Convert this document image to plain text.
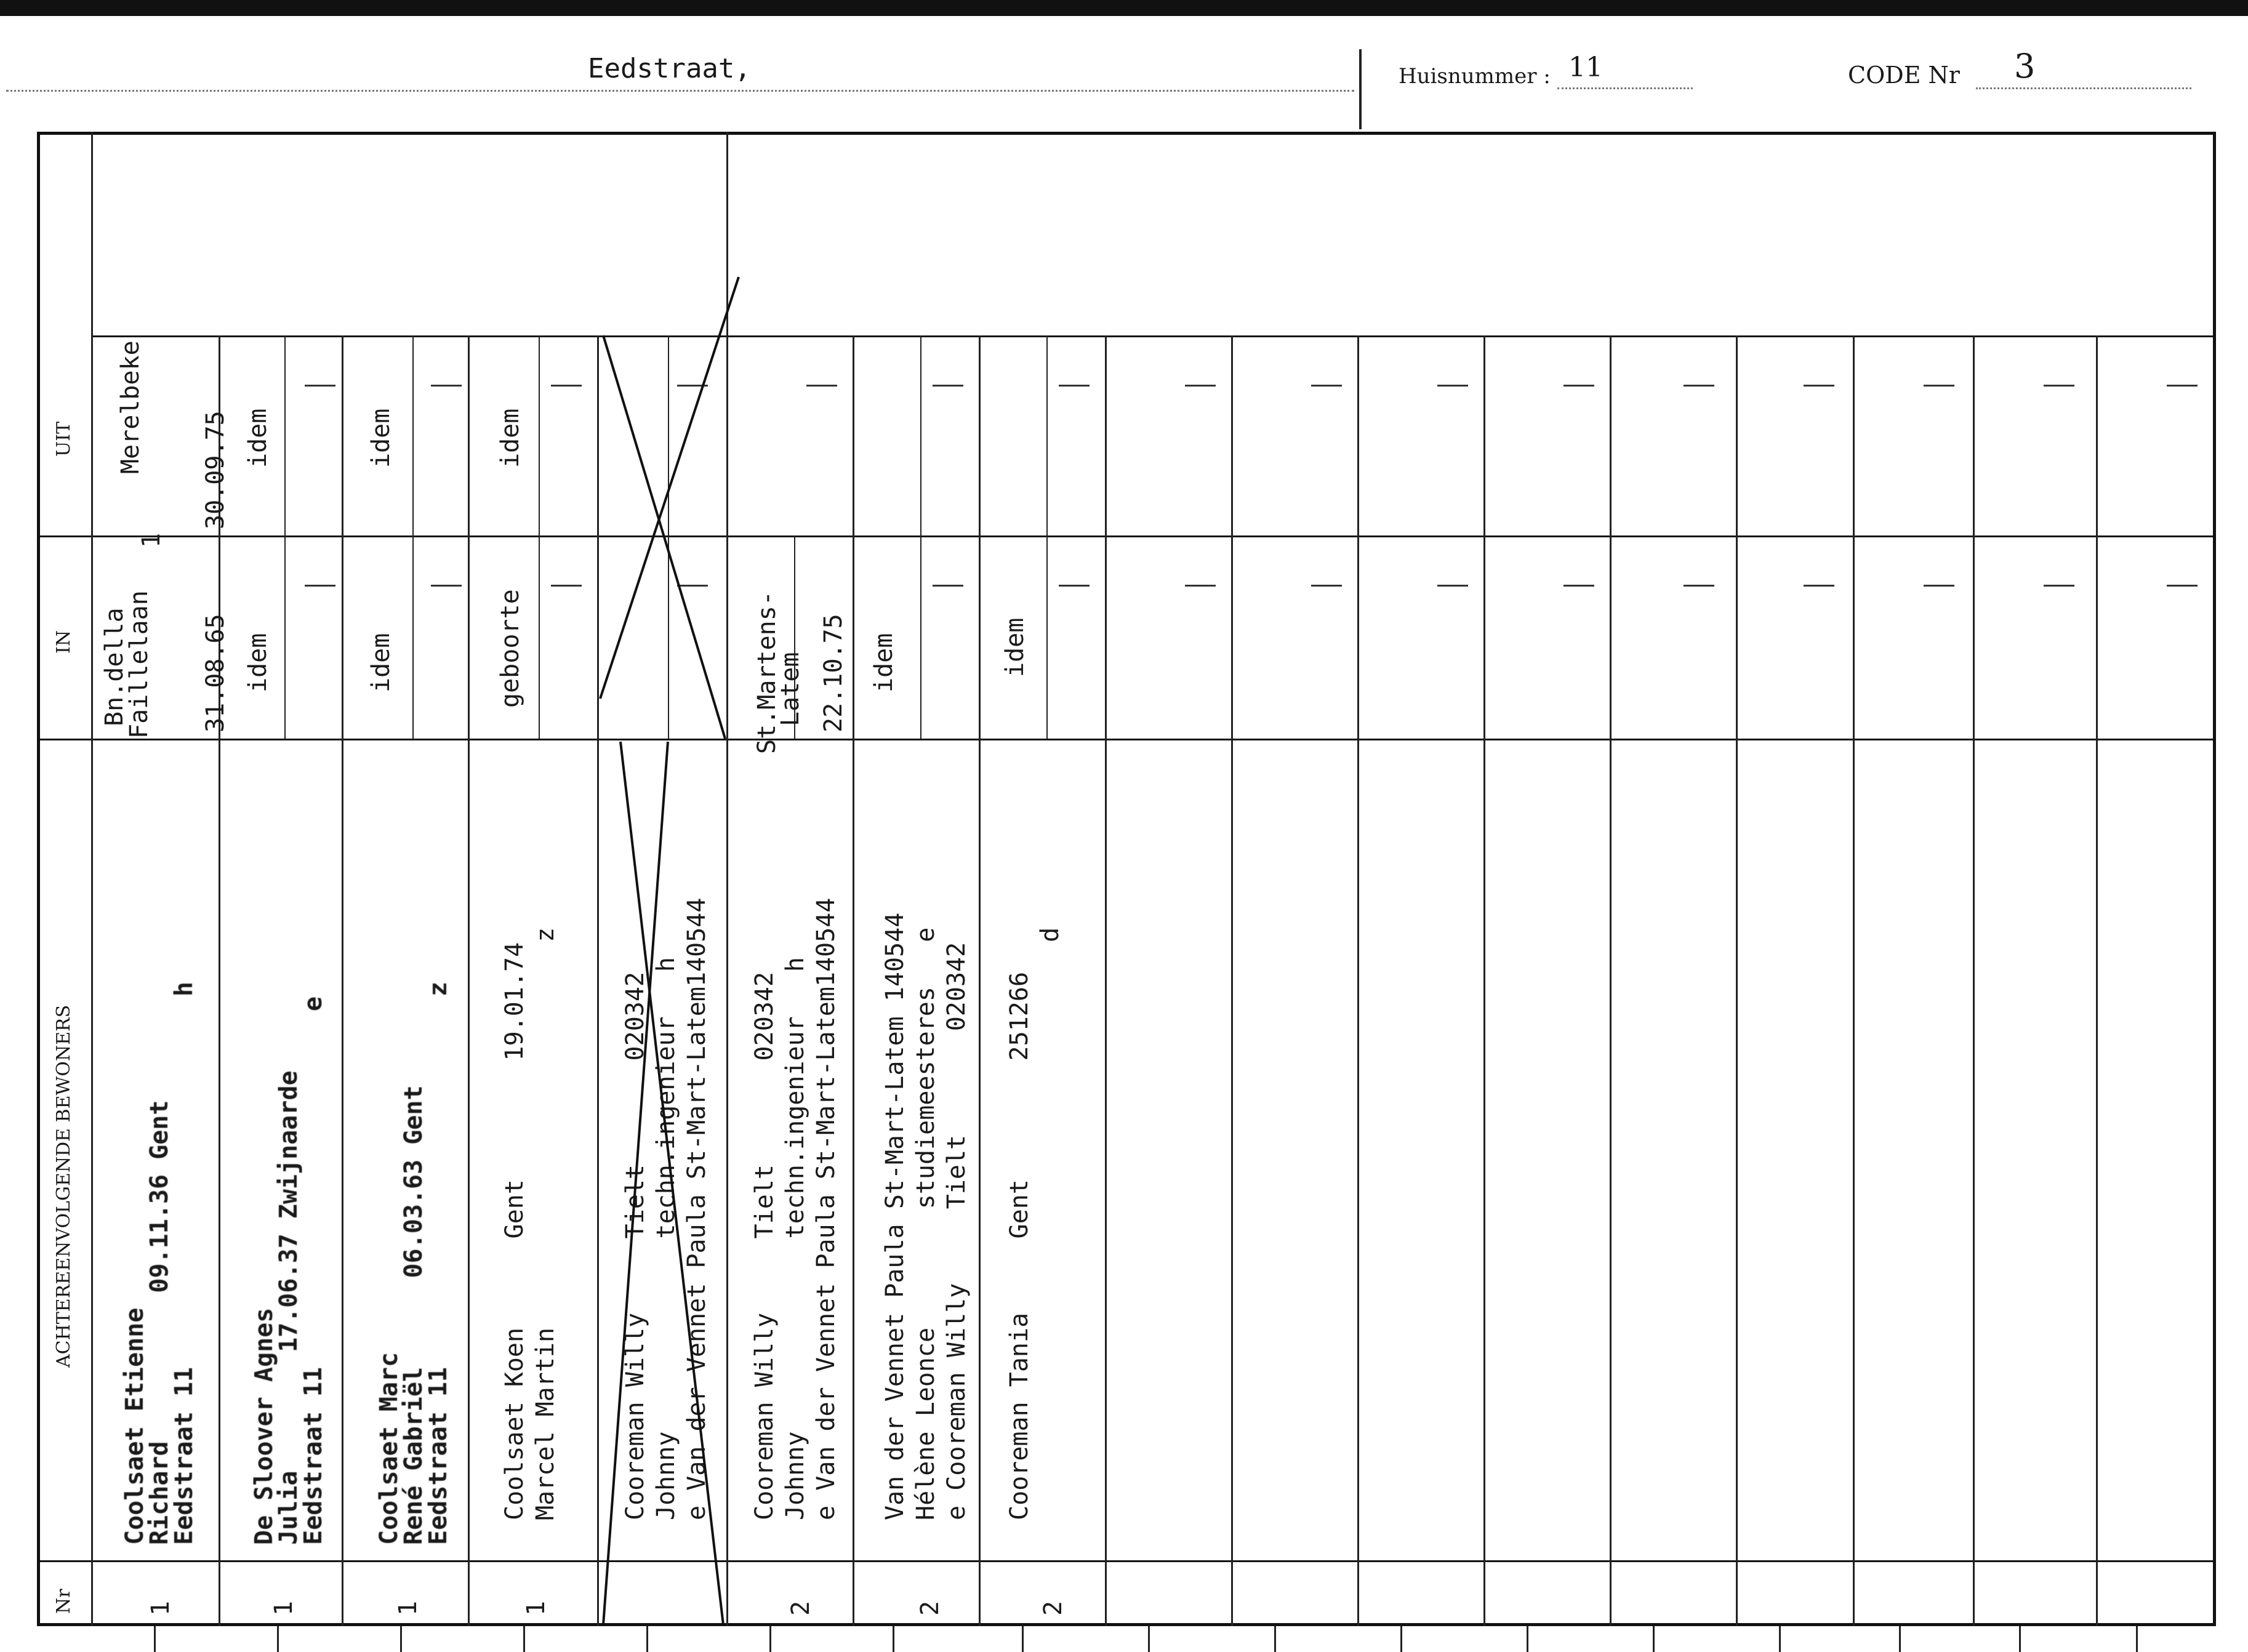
Eedstraat,	Huisnummer : 11	CODE Nr 3
UIT
IN
ACHTEREENVOLGENDE BEWONERS
Nr
Merelbeke
Bn.della
Faillelaan
1
30.09.75
31.08.65
Coolsaet Etienne
Richard          09.11.36 Gent
Eedstraat 11                         h
1
idem
idem
De Sloover Agnes
Julia        17.06.37 Zwijnaarde
Eedstraat 11                        e
1
idem
idem
Coolsaet Marc
René Gabriël      06.03.63 Gent
Eedstraat 11                         z
1
idem
geboorte
Coolsaet Koen      Gent        19.01.74 Marcel Martin                          z
1
Cooreman Willy     Tielt       020342 Johnny             techn.ingenieur   h e Van der Vennet Paula St-Mart-Latem140544
St.Martens-
Latem 22.10.75
Cooreman Willy     Tielt       020342 Johnny             techn.ingenieur   h e Van der Vennet Paula St-Mart-Latem140544
2
idem
Van der Vennet Paula St-Mart-Latem 140544 Hélène Leonce        studiemeesteres   e e Cooreman Willy     Tielt       020342
2
idem
Cooreman Tania     Gent        251266 d
2
